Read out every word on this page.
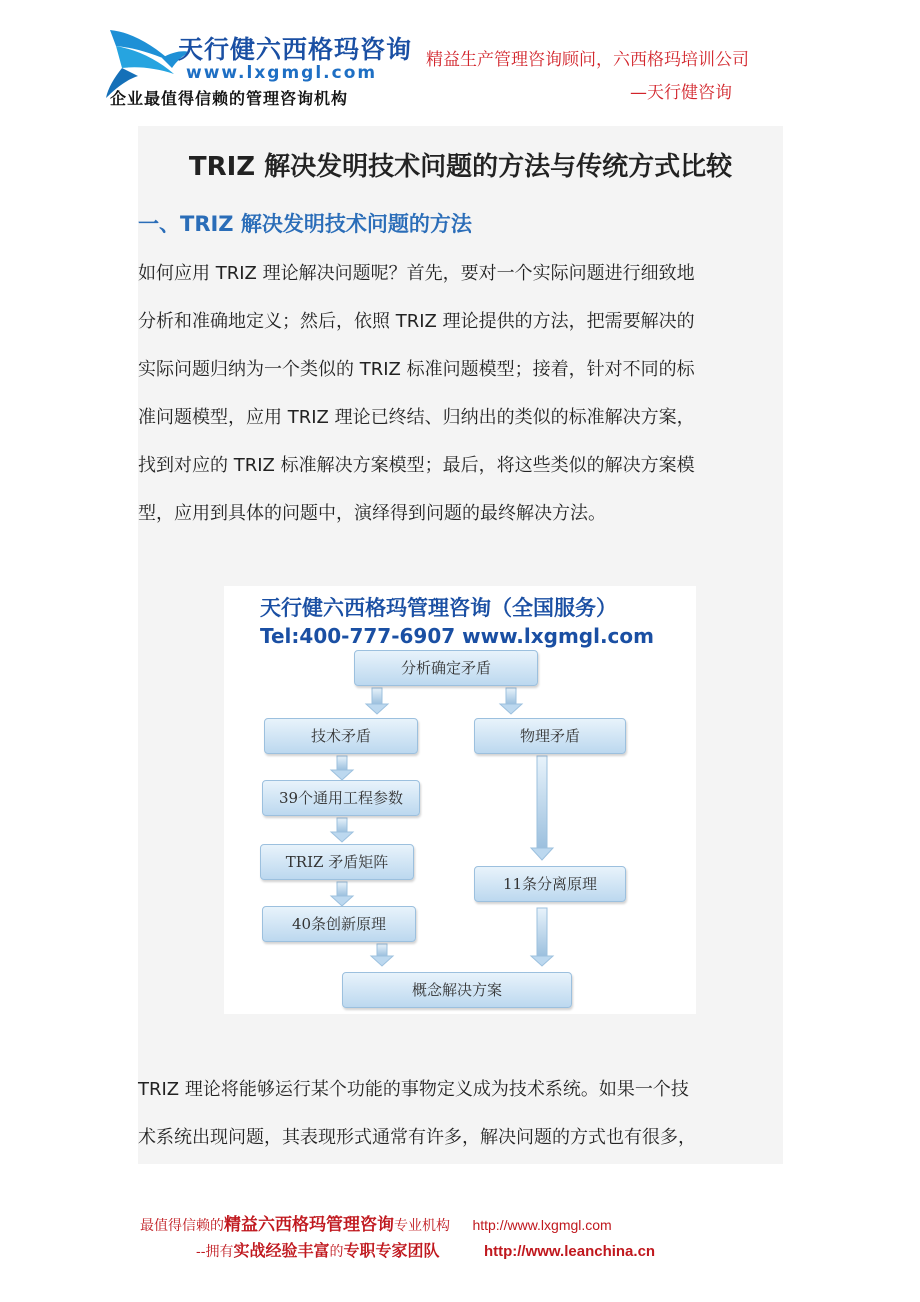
天行健六西格玛咨询
www.lxgmgl.com
企业最值得信赖的管理咨询机构
精益生产管理咨询顾问，六西格玛培训公司
—天行健咨询
TRIZ 解决发明技术问题的方法与传统方式比较
一、TRIZ 解决发明技术问题的方法
如何应用 TRIZ 理论解决问题呢？首先，要对一个实际问题进行细致地
分析和准确地定义；然后，依照 TRIZ 理论提供的方法，把需要解决的
实际问题归纳为一个类似的 TRIZ 标准问题模型；接着，针对不同的标
准问题模型，应用 TRIZ 理论已终结、归纳出的类似的标准解决方案，
找到对应的 TRIZ 标准解决方案模型；最后，将这些类似的解决方案模
型，应用到具体的问题中，演绎得到问题的最终解决方法。
天行健六西格玛管理咨询（全国服务）
Tel:400-777-6907 www.lxgmgl.com
分析确定矛盾
技术矛盾	物理矛盾
39个通用工程参数
TRIZ 矛盾矩阵
11条分离原理
40条创新原理
概念解决方案
TRIZ 理论将能够运行某个功能的事物定义成为技术系统。如果一个技
术系统出现问题，其表现形式通常有许多，解决问题的方式也有很多，
最值得信赖的精益六西格玛管理咨询专业机构 http://www.lxgmgl.com
--拥有实战经验丰富的专职专家团队	http://www.leanchina.cn
